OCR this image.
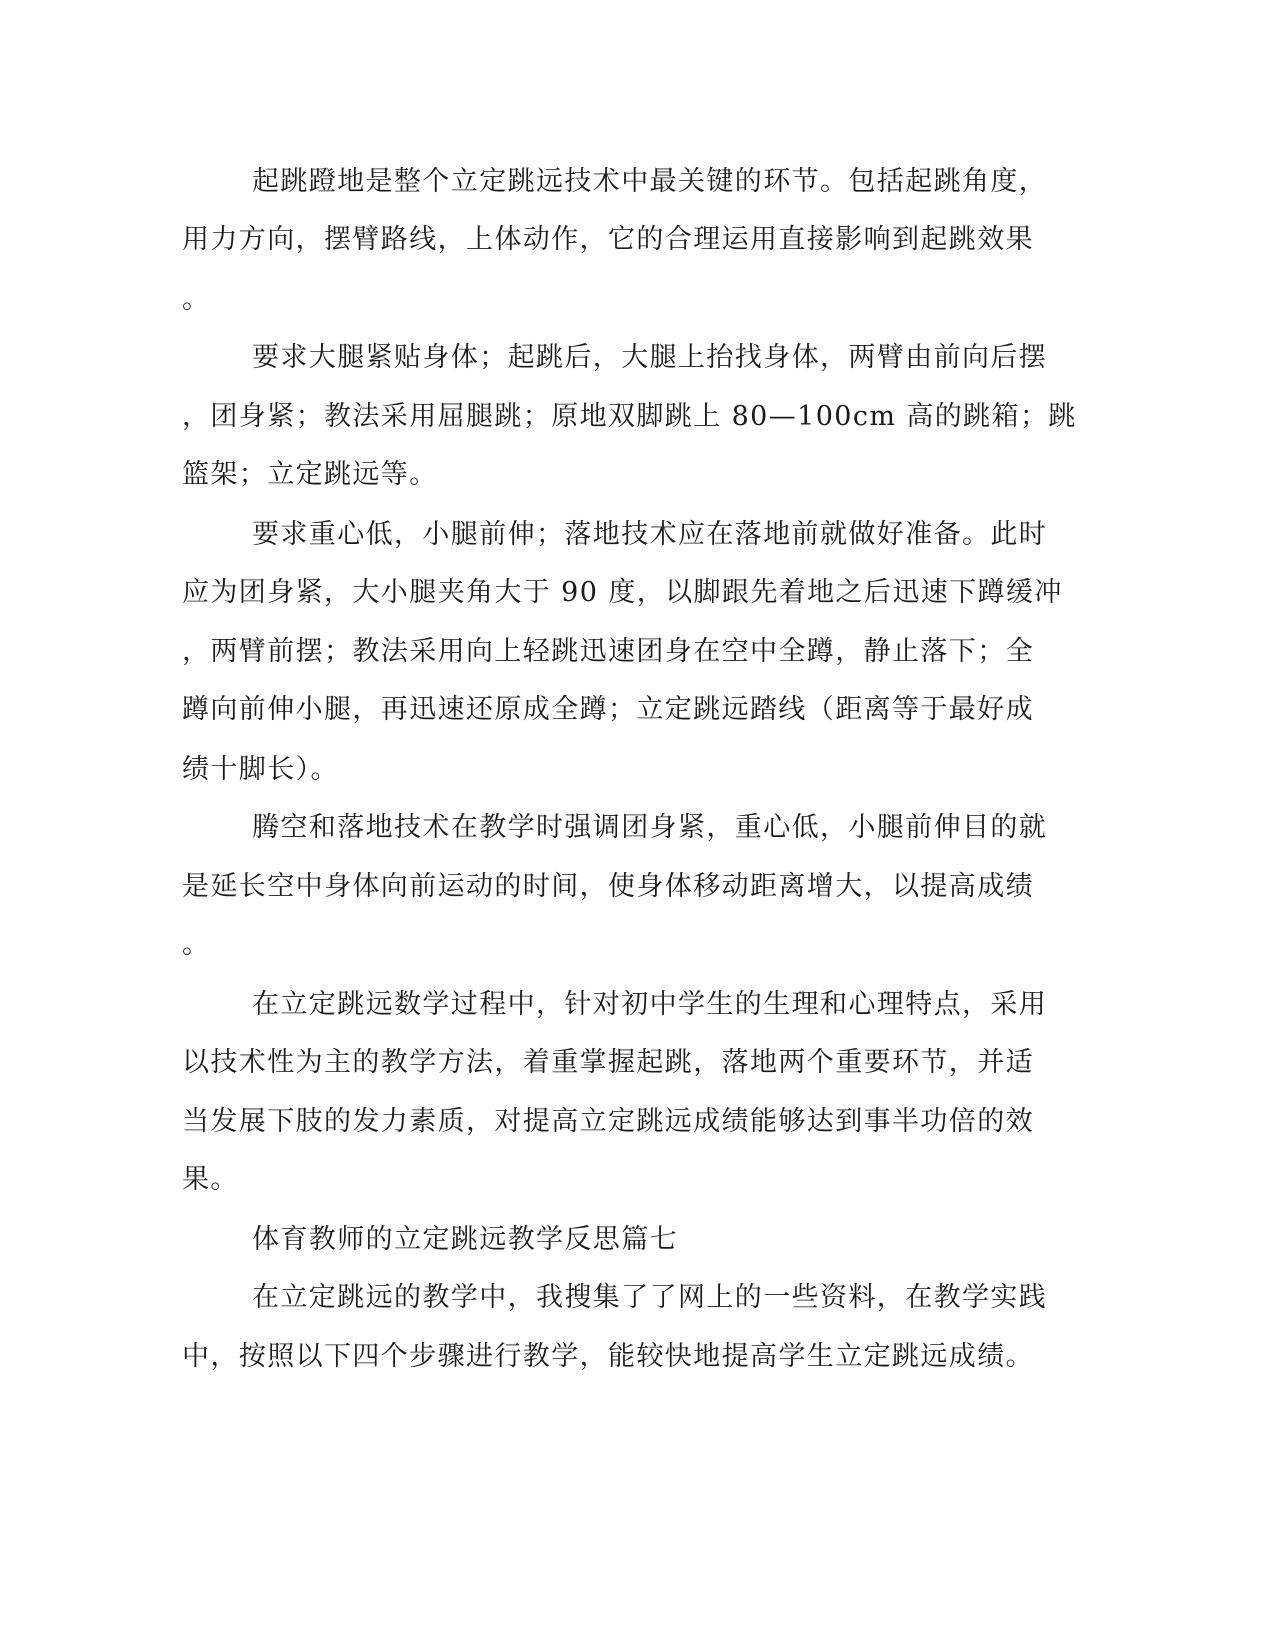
起跳蹬地是整个立定跳远技术中最关键的环节。包括起跳角度，
用力方向，摆臂路线，上体动作，它的合理运用直接影响到起跳效果
。
要求大腿紧贴身体；起跳后，大腿上抬找身体，两臂由前向后摆
，团身紧；教法采用屈腿跳；原地双脚跳上 80—100cm 高的跳箱；跳
篮架；立定跳远等。
要求重心低，小腿前伸；落地技术应在落地前就做好准备。此时
应为团身紧，大小腿夹角大于 90 度，以脚跟先着地之后迅速下蹲缓冲
，两臂前摆；教法采用向上轻跳迅速团身在空中全蹲，静止落下；全
蹲向前伸小腿，再迅速还原成全蹲；立定跳远踏线（距离等于最好成
绩十脚长）。
腾空和落地技术在教学时强调团身紧，重心低，小腿前伸目的就
是延长空中身体向前运动的时间，使身体移动距离增大，以提高成绩
。
在立定跳远数学过程中，针对初中学生的生理和心理特点，采用
以技术性为主的教学方法，着重掌握起跳，落地两个重要环节，并适
当发展下肢的发力素质，对提高立定跳远成绩能够达到事半功倍的效
果。
体育教师的立定跳远教学反思篇七
在立定跳远的教学中，我搜集了了网上的一些资料，在教学实践
中，按照以下四个步骤进行教学，能较快地提高学生立定跳远成绩。
